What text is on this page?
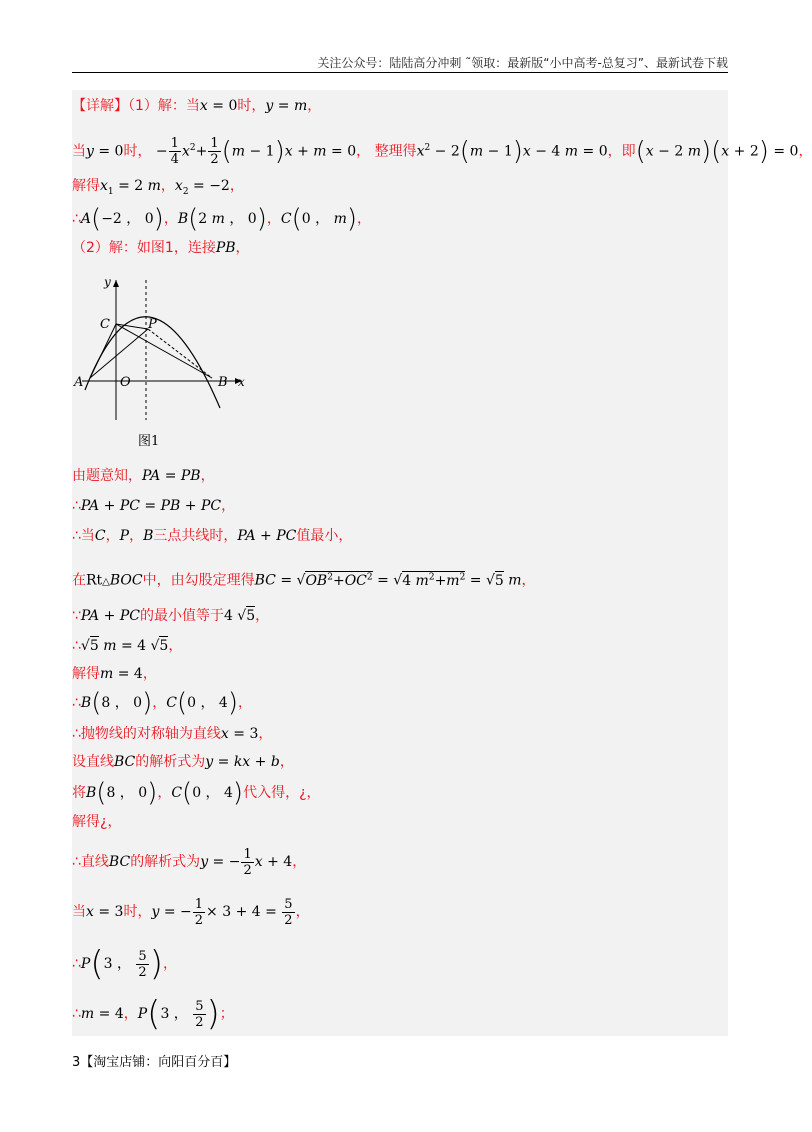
关注公众号：陆陆高分冲刺 ˜领取：最新版“小中高考-总复习”、最新试卷下载
【详解】（1）解：当x = 0时，y = m，
当y = 0时， − $\frac{1}{4} x^2+ \frac{1}{2} (m - 1)x + m = 0$， 整理得$x^2 - 2(m - 1)x - 4$ m = 0，即(x − 2 m)(x + 2) = 0，
解得$x_1 = 2$ m，$x_2 = -2$，
∴A(−2 ， 0)，B(2 m ， 0)，C(0 ， m)，
（2）解：如图1，连接PB，
y
x
A	O	B
C	P
图1
由题意知，PA = PB，
∴PA + PC = PB + PC，
∴当C，P，B三点共线时，PA + PC值最小，
在Rt△BOC中，由勾股定理得BC = $√OB^2+OC^2 = √4$ $m^2+m^2 = √5$ m，
∵PA + PC的最小值等于4 √5，
∴√5 m = 4 √5，
解得m = 4，
∴B(8 ， 0)，C(0 ， 4)，
∴抛物线的对称轴为直线x = 3，
设直线BC的解析式为y = kx + b，
将B(8 ， 0)，C(0 ， 4)代入得，¿，
解得¿，
∴直线BC的解析式为y = − $\frac{1}{2}$ x + 4，
当x = 3时，y = − $\frac{1}{2} \times 3 + 4 = \frac{5}{2}$ ，
∴P(3 ， $\frac{5}{2}$ )，
∴m = 4，P(3 ， $\frac{5}{2}$ )；
3【淘宝店铺：向阳百分百】
